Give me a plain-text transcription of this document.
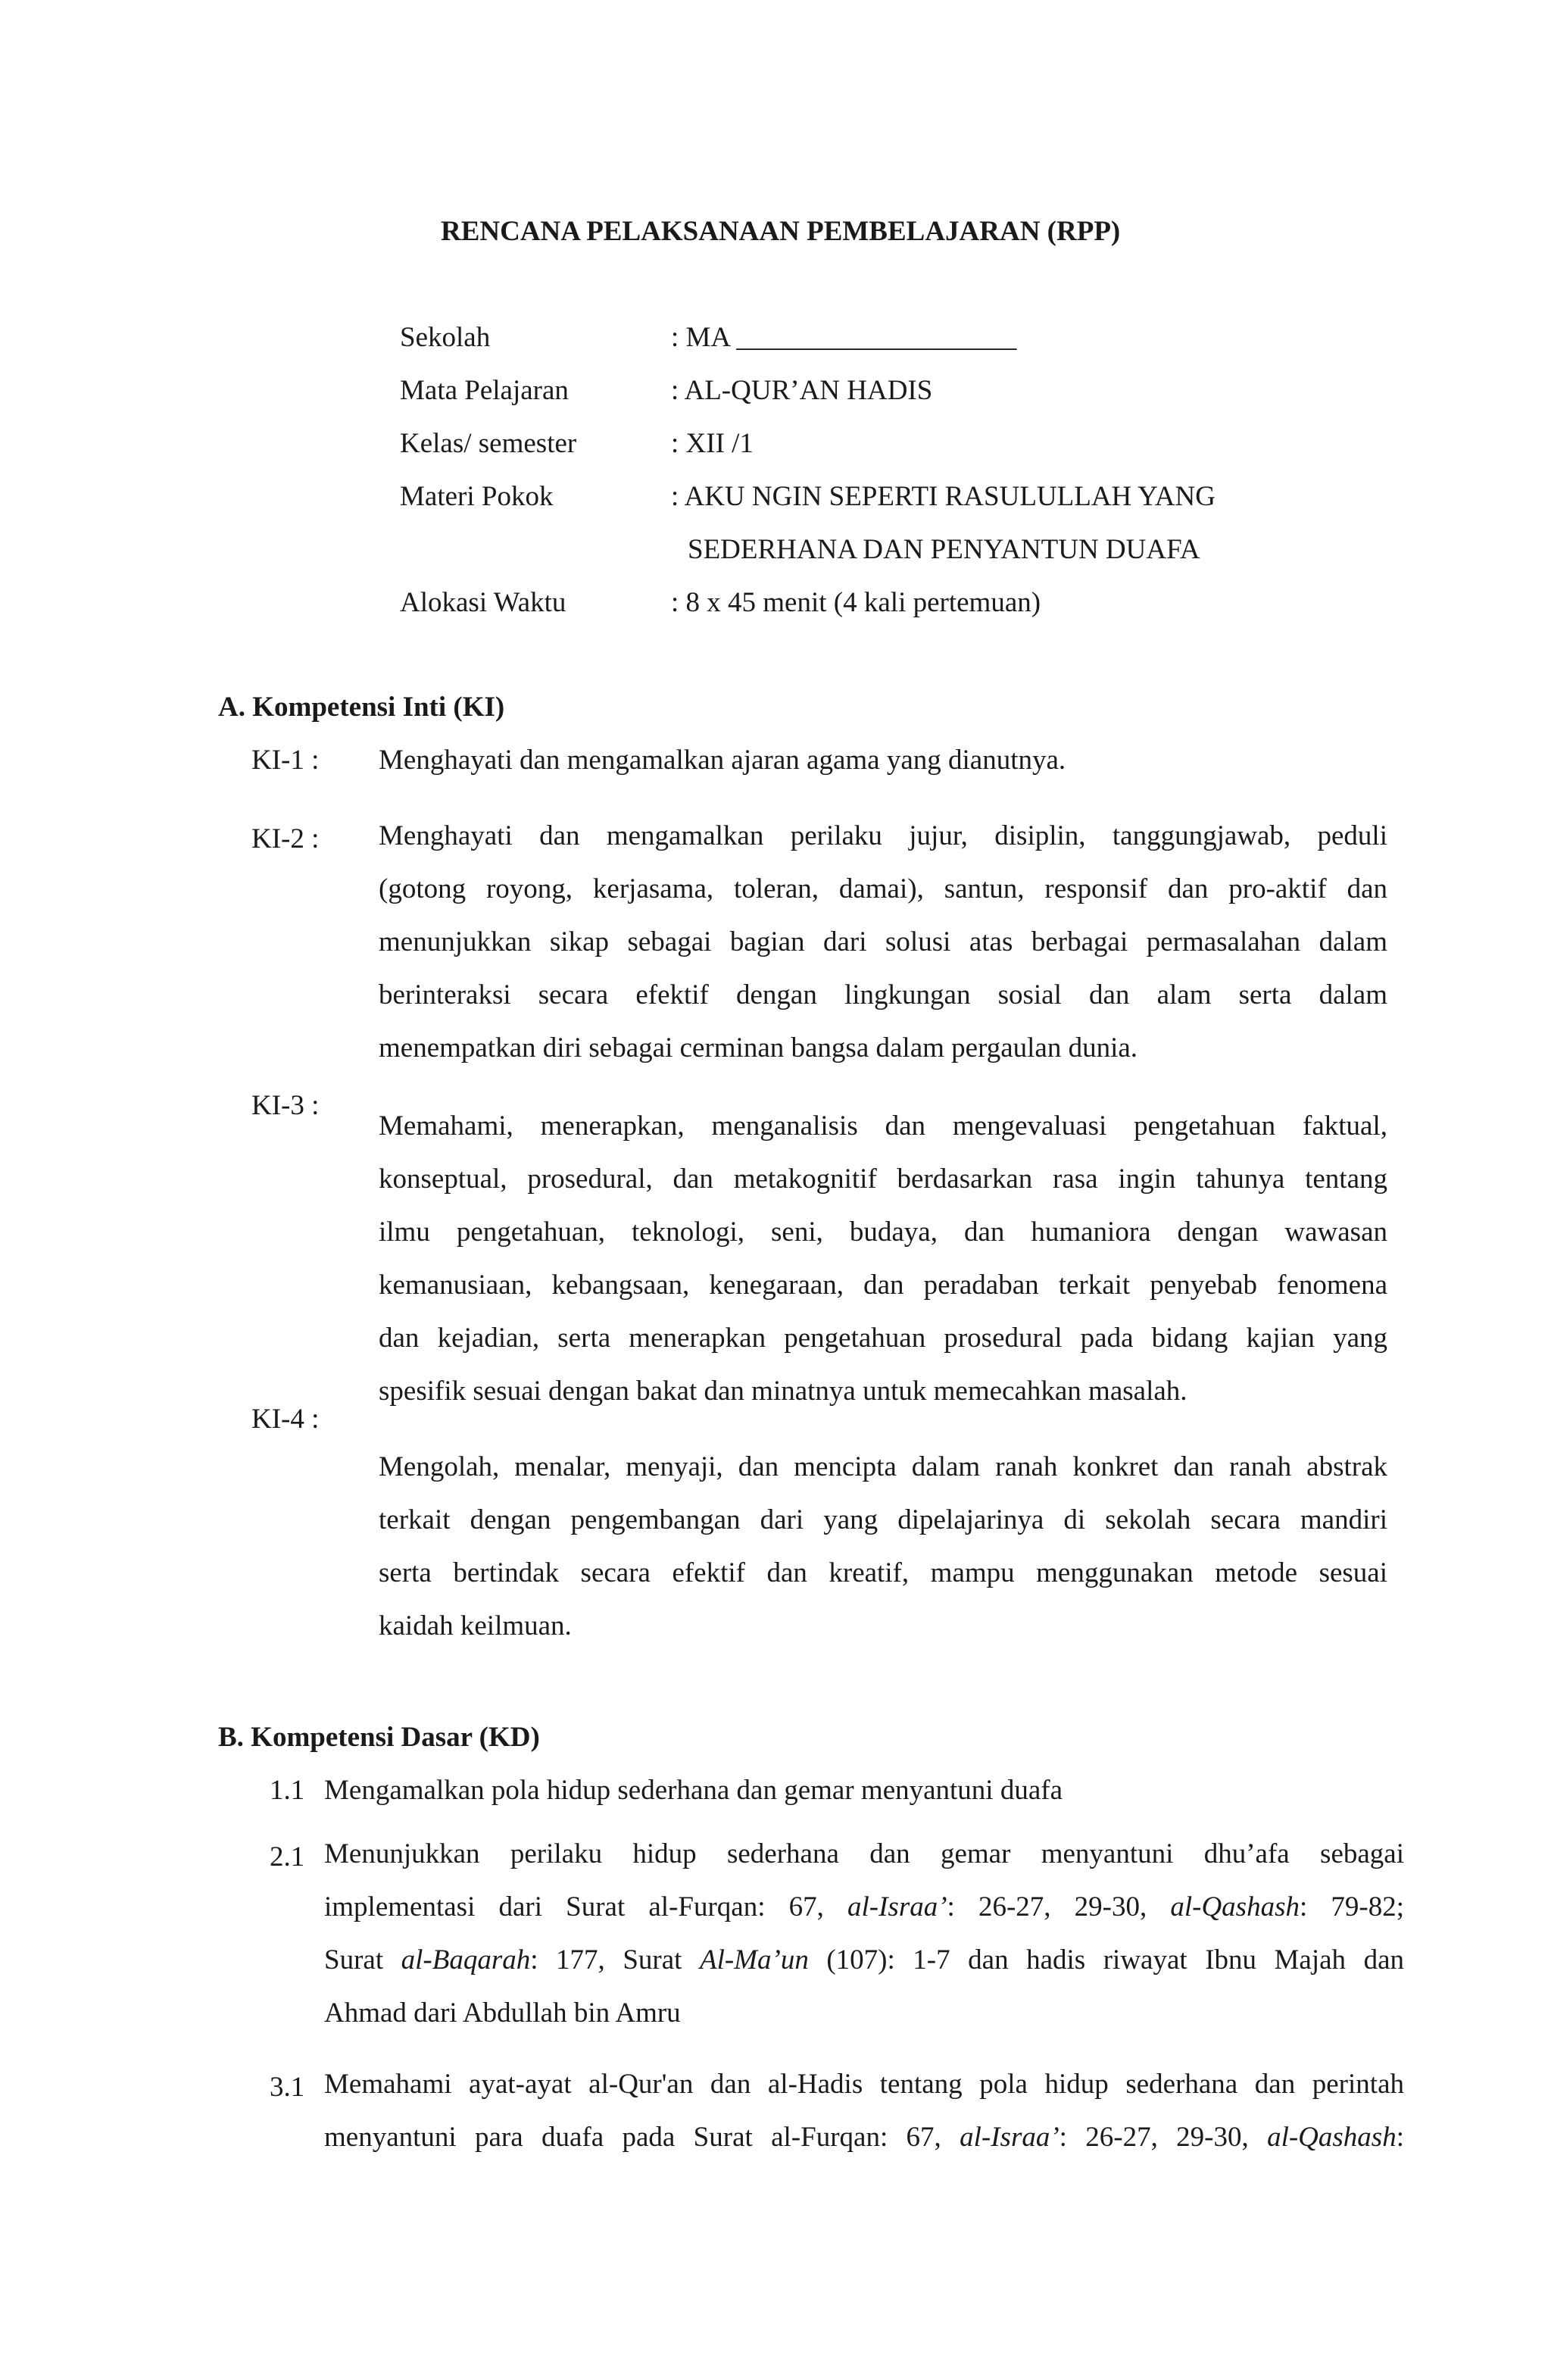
RENCANA PELAKSANAAN PEMBELAJARAN (RPP)
Sekolah	: MA ____________________
Mata Pelajaran	: AL-QUR’AN HADIS
Kelas/ semester	: XII /1
Materi Pokok	: AKU NGIN SEPERTI RASULULLAH YANG
SEDERHANA DAN PENYANTUN DUAFA
Alokasi Waktu	: 8 x 45 menit (4 kali pertemuan)
A. Kompetensi Inti (KI)
KI-1 : Menghayati dan mengamalkan ajaran agama yang dianutnya.
KI-2 : Menghayati dan mengamalkan perilaku jujur, disiplin, tanggungjawab, peduli
(gotong royong, kerjasama, toleran, damai), santun, responsif dan pro-aktif dan
menunjukkan sikap sebagai bagian dari solusi atas berbagai permasalahan dalam
berinteraksi secara efektif dengan lingkungan sosial dan alam serta dalam
menempatkan diri sebagai cerminan bangsa dalam pergaulan dunia.
KI-3 :
Memahami, menerapkan, menganalisis dan mengevaluasi pengetahuan faktual,
konseptual, prosedural, dan metakognitif berdasarkan rasa ingin tahunya tentang
ilmu pengetahuan, teknologi, seni, budaya, dan humaniora dengan wawasan
kemanusiaan, kebangsaan, kenegaraan, dan peradaban terkait penyebab fenomena
dan kejadian, serta menerapkan pengetahuan prosedural pada bidang kajian yang
spesifik sesuai dengan bakat dan minatnya untuk memecahkan masalah.
KI-4 :
Mengolah, menalar, menyaji, dan mencipta dalam ranah konkret dan ranah abstrak
terkait dengan pengembangan dari yang dipelajarinya di sekolah secara mandiri
serta bertindak secara efektif dan kreatif, mampu menggunakan metode sesuai
kaidah keilmuan.
B. Kompetensi Dasar (KD)
1.1 Mengamalkan pola hidup sederhana dan gemar menyantuni duafa
2.1 Menunjukkan perilaku hidup sederhana dan gemar menyantuni dhu’afa sebagai
implementasi dari Surat al-Furqan: 67, al-Israa’: 26-27, 29-30, al-Qashash: 79-82;
Surat al-Baqarah: 177, Surat Al-Ma’un (107): 1-7 dan hadis riwayat Ibnu Majah dan
Ahmad dari Abdullah bin Amru
3.1 Memahami ayat-ayat al-Qur'an dan al-Hadis tentang pola hidup sederhana dan perintah
menyantuni para duafa pada Surat al-Furqan: 67, al-Israa’: 26-27, 29-30, al-Qashash:
